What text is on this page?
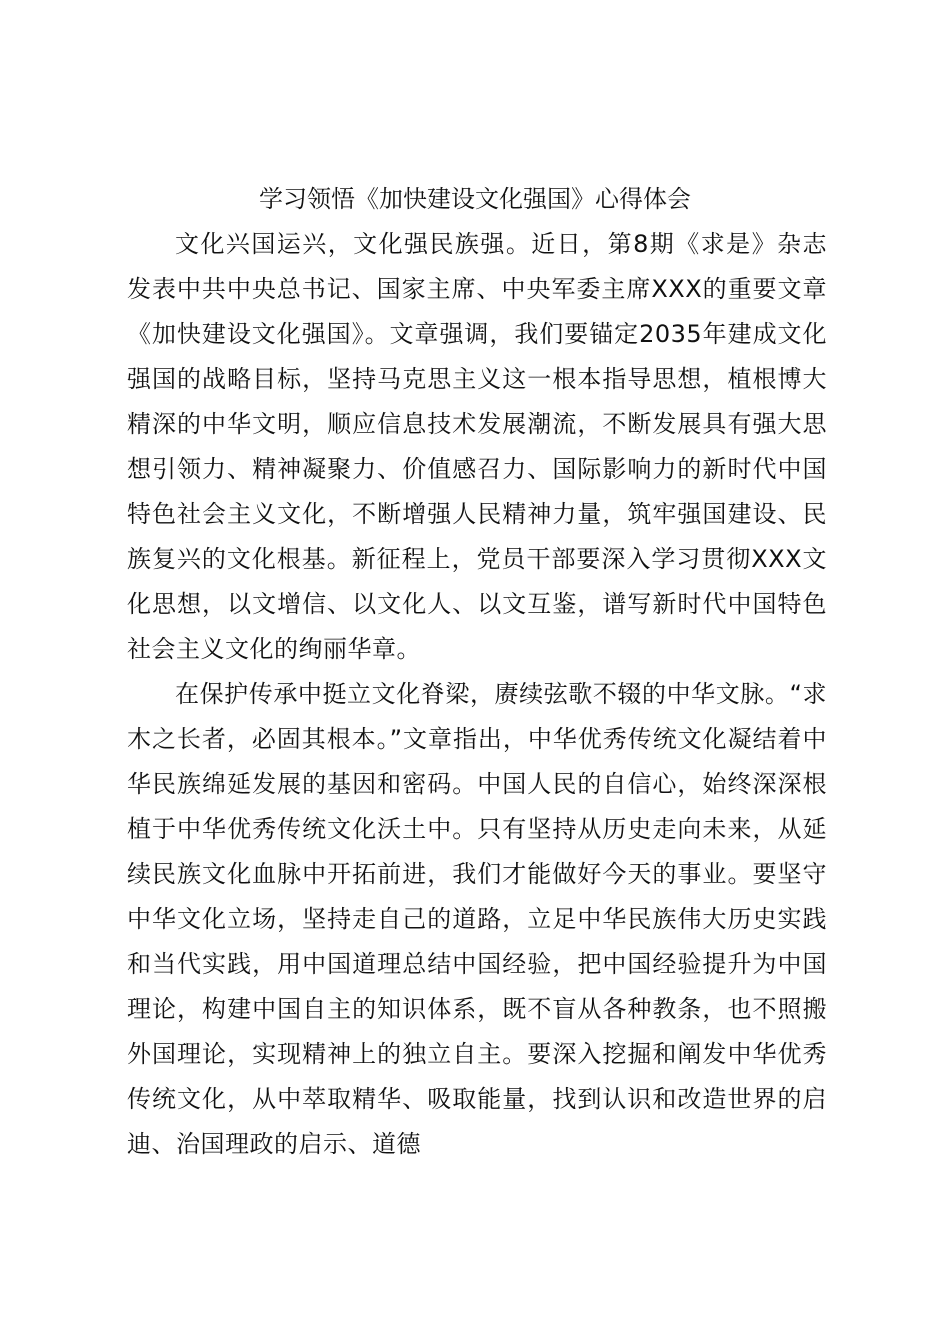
学习领悟《加快建设文化强国》心得体会

文化兴国运兴，文化强民族强。近日，第8期《求是》杂志发表中共中央总书记、国家主席、中央军委主席XXX的重要文章《加快建设文化强国》。文章强调，我们要锚定2035年建成文化强国的战略目标，坚持马克思主义这一根本指导思想，植根博大精深的中华文明，顺应信息技术发展潮流，不断发展具有强大思想引领力、精神凝聚力、价值感召力、国际影响力的新时代中国特色社会主义文化，不断增强人民精神力量，筑牢强国建设、民族复兴的文化根基。新征程上，党员干部要深入学习贯彻XXX文化思想，以文增信、以文化人、以文互鉴，谱写新时代中国特色社会主义文化的绚丽华章。

在保护传承中挺立文化脊梁，赓续弦歌不辍的中华文脉。“求木之长者，必固其根本。”文章指出，中华优秀传统文化凝结着中华民族绵延发展的基因和密码。中国人民的自信心，始终深深根植于中华优秀传统文化沃土中。只有坚持从历史走向未来，从延续民族文化血脉中开拓前进，我们才能做好今天的事业。要坚守中华文化立场，坚持走自己的道路，立足中华民族伟大历史实践和当代实践，用中国道理总结中国经验，把中国经验提升为中国理论，构建中国自主的知识体系，既不盲从各种教条，也不照搬外国理论，实现精神上的独立自主。要深入挖掘和阐发中华优秀传统文化，从中萃取精华、吸取能量，找到认识和改造世界的启迪、治国理政的启示、道德
